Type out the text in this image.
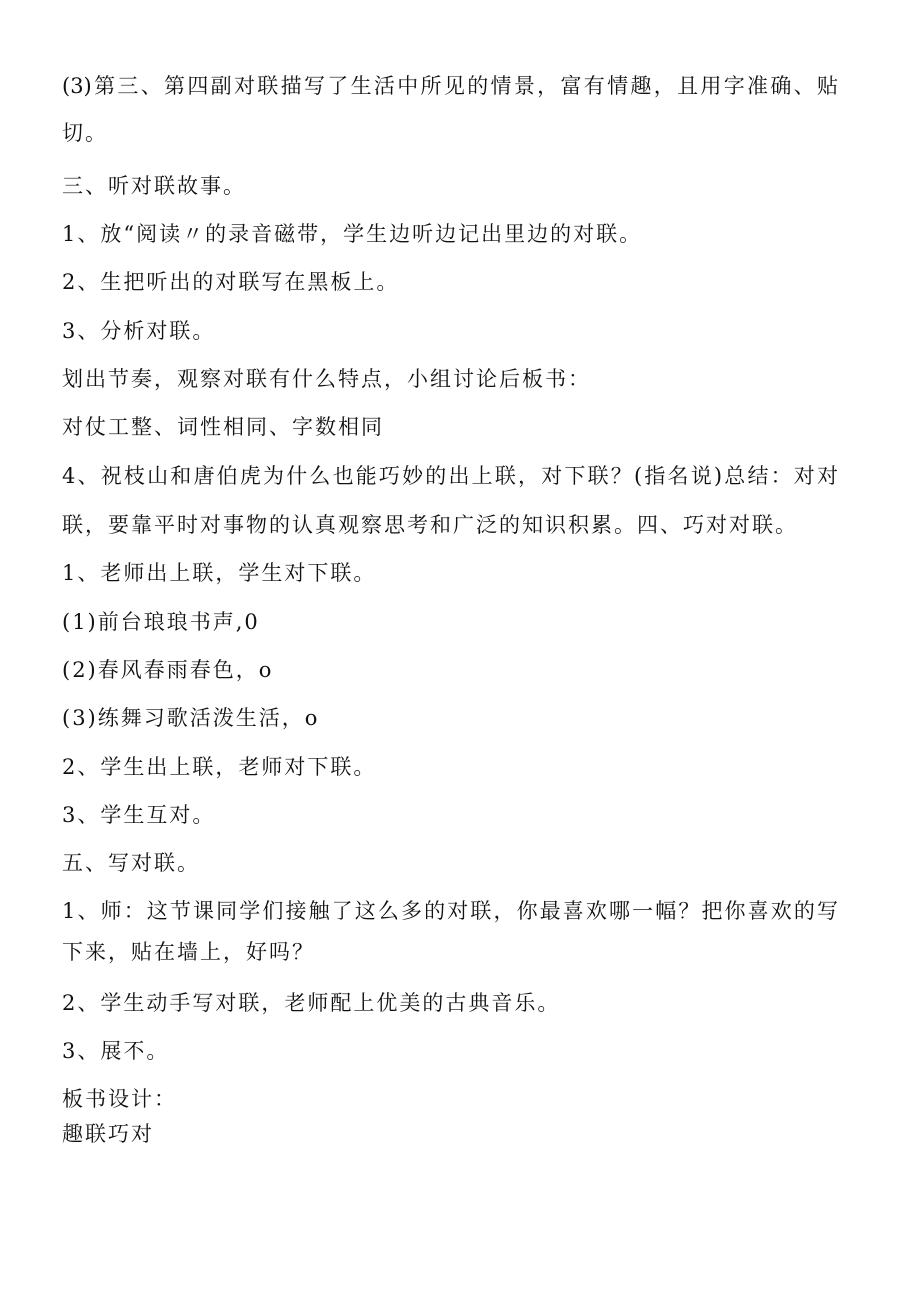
(3)第三、第四副对联描写了生活中所见的情景，富有情趣，且用字准确、贴
切。
三、听对联故事。
1、放“阅读〃的录音磁带，学生边听边记出里边的对联。
2、生把听出的对联写在黑板上。
3、分析对联。
划出节奏，观察对联有什么特点，小组讨论后板书：
对仗工整、词性相同、字数相同
4、祝枝山和唐伯虎为什么也能巧妙的出上联，对下联？(指名说)总结：对对
联，要靠平时对事物的认真观察思考和广泛的知识积累。四、巧对对联。
1、老师出上联，学生对下联。
(1)前台琅琅书声,0
(2)春风春雨春色，o
(3)练舞习歌活泼生活，o
2、学生出上联，老师对下联。
3、学生互对。
五、写对联。
1、师：这节课同学们接触了这么多的对联，你最喜欢哪一幅？把你喜欢的写
下来，贴在墙上，好吗？
2、学生动手写对联，老师配上优美的古典音乐。
3、展不。
板书设计：
趣联巧对
